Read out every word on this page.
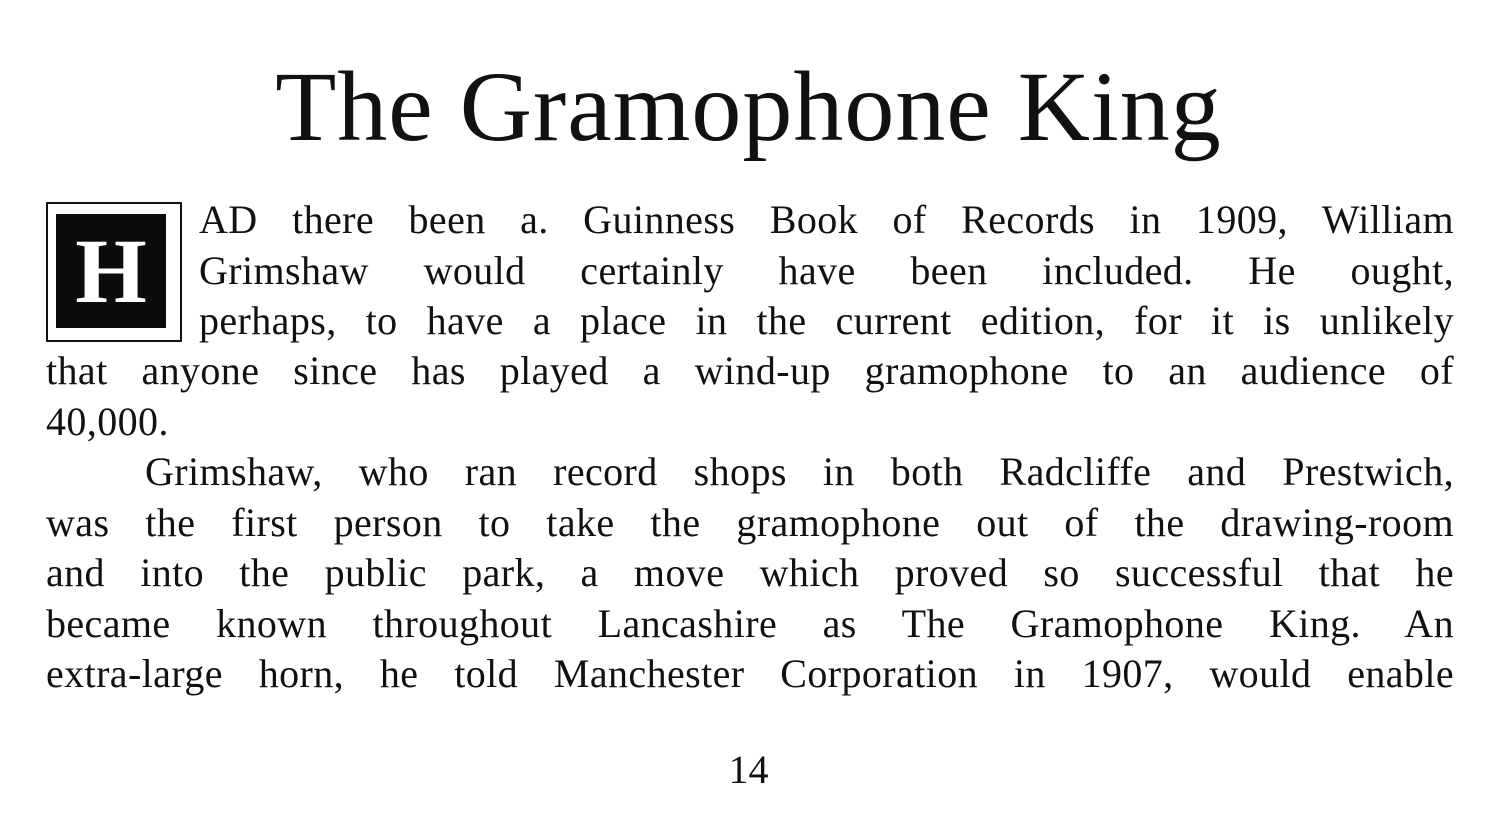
The Gramophone King
H
AD there been a. Guinness Book of Records in 1909, William
Grimshaw would certainly have been included. He ought,
perhaps, to have a place in the current edition, for it is unlikely
that anyone since has played a wind-up gramophone to an audience of
40,000.
Grimshaw, who ran record shops in both Radcliffe and Prestwich,
was the first person to take the gramophone out of the drawing-room
and into the public park, a move which proved so successful that he
became known throughout Lancashire as The Gramophone King. An
extra-large horn, he told Manchester Corporation in 1907, would enable
14
